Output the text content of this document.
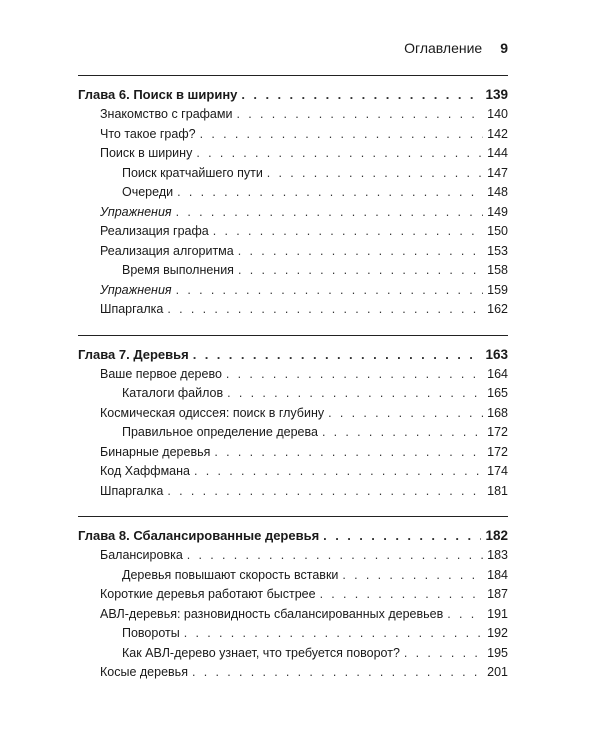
Оглавление 9
Глава 6. Поиск в ширину . . .	139
Знакомство с графами . . .	140
Что такое граф? . . .	142
Поиск в ширину . . .	144
Поиск кратчайшего пути . . .	147
Очереди . . .	148
Упражнения . . .	149
Реализация графа . . .	150
Реализация алгоритма . . .	153
Время выполнения . . .	158
Упражнения . . .	159
Шпаргалка . . .	162
Глава 7. Деревья . . .	163
Ваше первое дерево . . .	164
Каталоги файлов . . .	165
Космическая одиссея: поиск в глубину . . .	168
Правильное определение дерева . . .	172
Бинарные деревья . . .	172
Код Хаффмана . . .	174
Шпаргалка . . .	181
Глава 8. Сбалансированные деревья . . .	182
Балансировка . . .	183
Деревья повышают скорость вставки . . .	184
Короткие деревья работают быстрее . . .	187
АВЛ-деревья: разновидность сбалансированных деревьев . . .	191
Повороты . . .	192
Как АВЛ-дерево узнает, что требуется поворот? . . .	195
Косые деревья . . .	201
